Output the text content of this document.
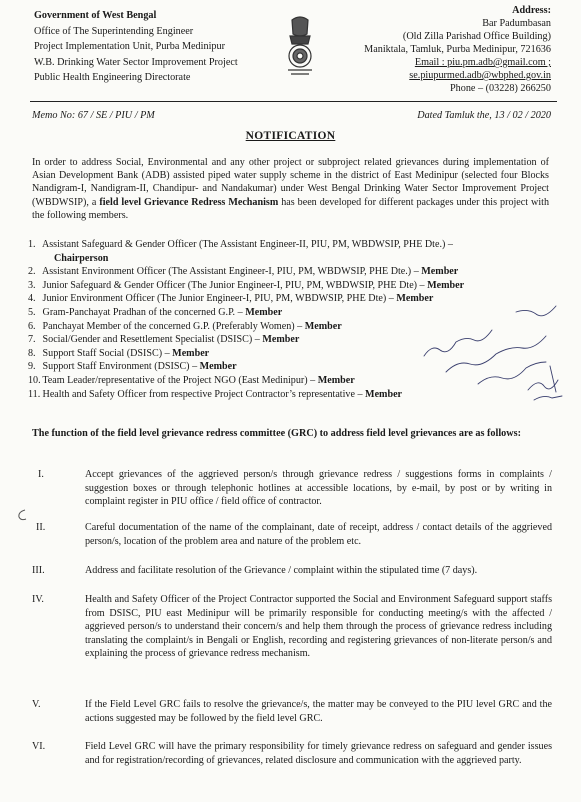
Government of West Bengal
Office of The Superintending Engineer
Project Implementation Unit, Purba Medinipur
W.B. Drinking Water Sector Improvement Project
Public Health Engineering Directorate
Address:
Bar Padumbasan
(Old Zilla Parishad Office Building)
Maniktala, Tamluk, Purba Medinipur, 721636
Email : piu.pm.adb@gmail.com ;
se.piupurmed.adb@wbphed.gov.in
Phone – (03228) 266250
Memo No: 67 / SE / PIU / PM	Dated Tamluk the, 13 / 02 / 2020
NOTIFICATION
In order to address Social, Environmental and any other project or subproject related grievances during implementation of Asian Development Bank (ADB) assisted piped water supply scheme in the district of East Medinipur (selected four Blocks Nandigram-I, Nandigram-II, Chandipur- and Nandakumar) under West Bengal Drinking Water Sector Improvement Project (WBDWSIP), a field level Grievance Redress Mechanism has been developed for different packages under this project with the following members.
1. Assistant Safeguard & Gender Officer (The Assistant Engineer-II, PIU, PM, WBDWSIP, PHE Dte.) –
Chairperson
2. Assistant Environment Officer (The Assistant Engineer-I, PIU, PM, WBDWSIP, PHE Dte.) – Member
3. Junior Safeguard & Gender Officer (The Junior Engineer-I, PIU, PM, WBDWSIP, PHE Dte) – Member
4. Junior Environment Officer (The Junior Engineer-I, PIU, PM, WBDWSIP, PHE Dte) – Member
5. Gram-Panchayat Pradhan of the concerned G.P. – Member
6. Panchayat Member of the concerned G.P. (Preferably Women) – Member
7. Social/Gender and Resettlement Specialist (DSISC) – Member
8. Support Staff Social (DSISC) – Member
9. Support Staff Environment (DSISC) – Member
10. Team Leader/representative of the Project NGO (East Medinipur) – Member
11. Health and Safety Officer from respective Project Contractor’s representative – Member
The function of the field level grievance redress committee (GRC) to address field level grievances are as follows:
I.	Accept grievances of the aggrieved person/s through grievance redress / suggestions forms in complaints / suggestion boxes or through telephonic hotlines at accessible locations, by e-mail, by post or by writing in complaint register in PIU office / field office of contractor.
II.	Careful documentation of the name of the complainant, date of receipt, address / contact details of the aggrieved person/s, location of the problem area and nature of the problem etc.
III.	Address and facilitate resolution of the Grievance / complaint within the stipulated time (7 days).
IV.	Health and Safety Officer of the Project Contractor supported the Social and Environment Safeguard support staffs from DSISC, PIU east Medinipur will be primarily responsible for conducting meeting/s with the affected / aggrieved person/s to understand their concern/s and help them through the process of grievance redress including translating the complaint/s in Bengali or English, recording and registering grievances of non-literate person/s and explaining the process of grievance redress mechanism.
V.	If the Field Level GRC fails to resolve the grievance/s, the matter may be conveyed to the PIU level GRC and the actions suggested may be followed by the field level GRC.
VI.	Field Level GRC will have the primary responsibility for timely grievance redress on safeguard and gender issues and for registration/recording of grievances, related disclosure and communication with the aggrieved party.
